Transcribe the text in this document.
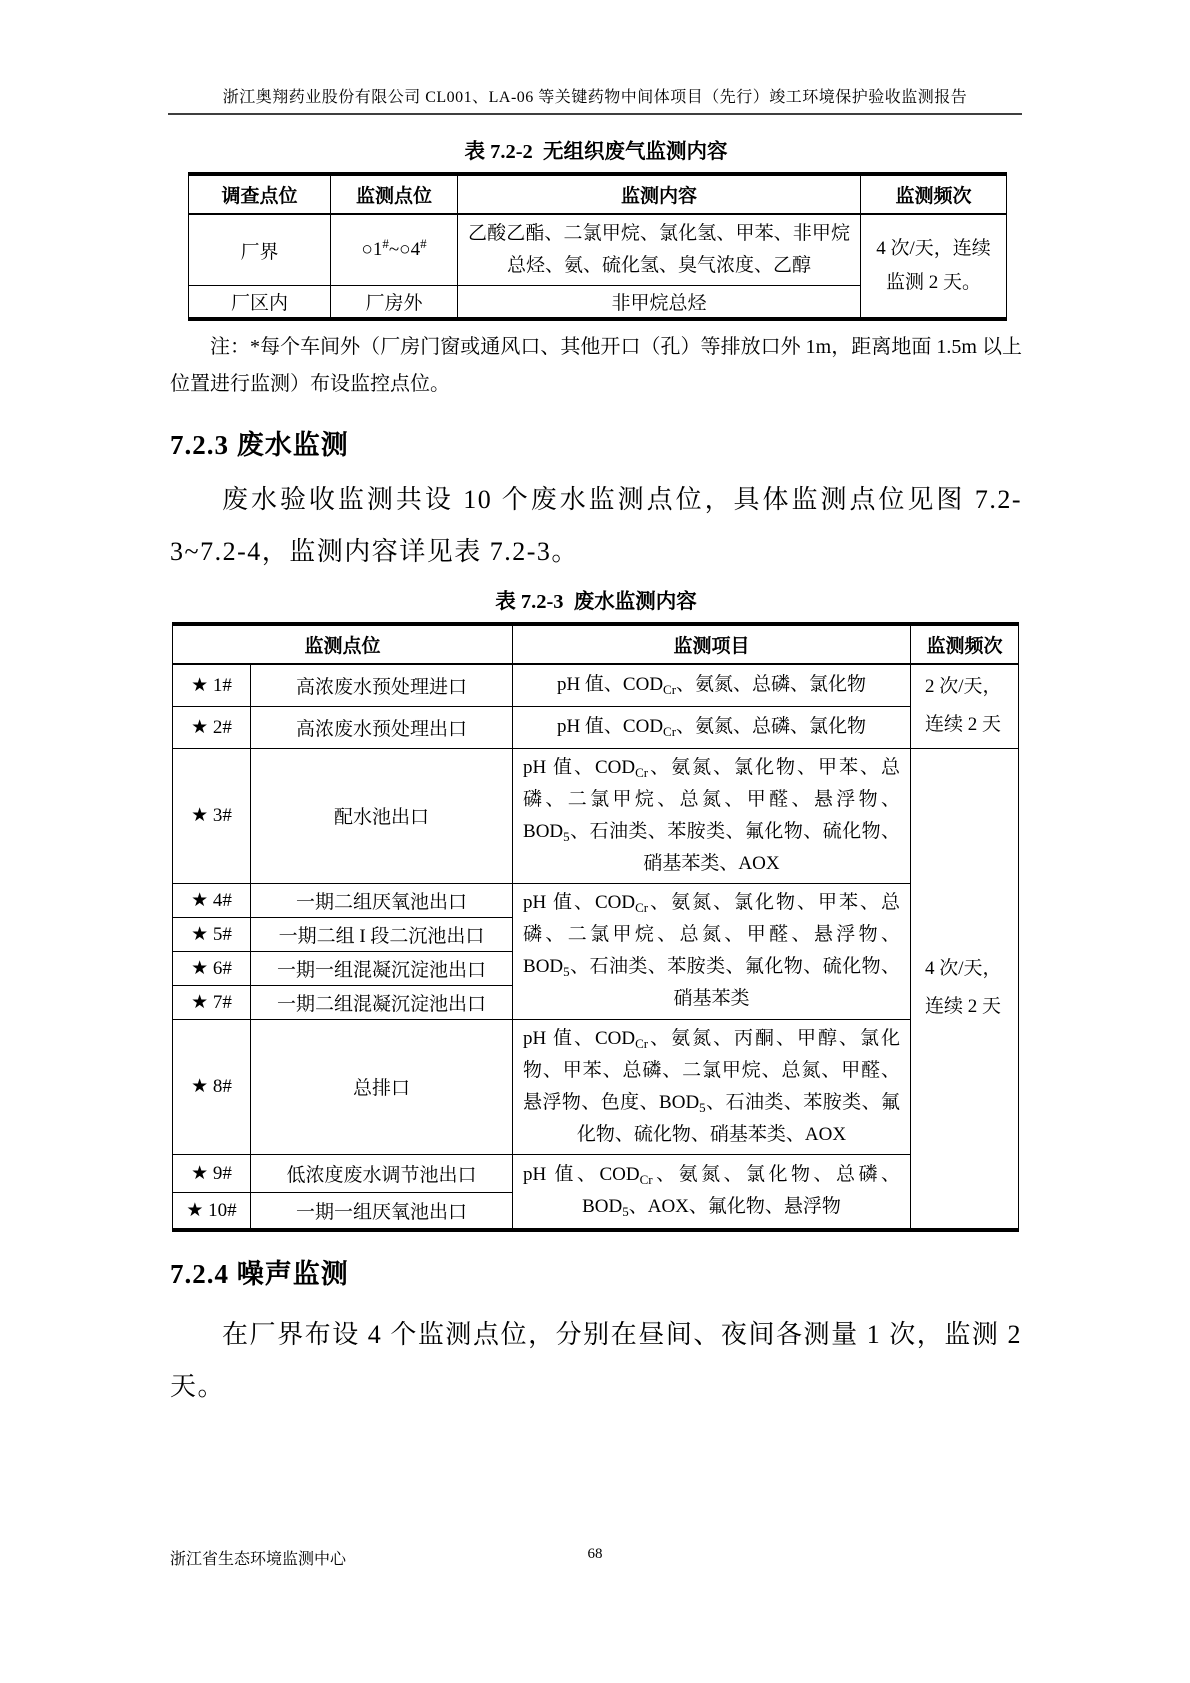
浙江奥翔药业股份有限公司 CL001、LA-06 等关键药物中间体项目（先行）竣工环境保护验收监测报告
表 7.2-2  无组织废气监测内容
调查点位	监测点位	监测内容	监测频次
厂界	○1#~○4#	乙酸乙酯、二氯甲烷、氯化氢、甲苯、非甲烷总烃、氨、硫化氢、臭气浓度、乙醇	4 次/天，连续监测 2 天。
厂区内	厂房外	非甲烷总烃	

注：*每个车间外（厂房门窗或通风口、其他开口（孔）等排放口外 1m，距离地面 1.5m 以上位置进行监测）布设监控点位。

7.2.3 废水监测

废水验收监测共设 10 个废水监测点位，具体监测点位见图 7.2-3~7.2-4，监测内容详见表 7.2-3。

表 7.2-3  废水监测内容
监测点位		监测项目	监测频次
★ 1#	高浓废水预处理进口	pH 值、$COD_{Cr}$、氨氮、总磷、氯化物	2 次/天，连续 2 天
★ 2#	高浓废水预处理出口	pH 值、$COD_{Cr}$、氨氮、总磷、氯化物	
★ 3#	配水池出口	pH 值、$COD_{Cr}$、氨氮、氯化物、甲苯、总磷、二氯甲烷、总氮、甲醛、悬浮物、$BOD_5$、石油类、苯胺类、氟化物、硫化物、硝基苯类、AOX	4 次/天，连续 2 天
★ 4#	一期二组厌氧池出口	pH 值、$COD_{Cr}$、氨氮、氯化物、甲苯、总磷、二氯甲烷、总氮、甲醛、悬浮物、$BOD_5$、石油类、苯胺类、氟化物、硫化物、硝基苯类	
★ 5#	一期二组 I 段二沉池出口		
★ 6#	一期一组混凝沉淀池出口		
★ 7#	一期二组混凝沉淀池出口		
★ 8#	总排口	pH 值、$COD_{Cr}$、氨氮、丙酮、甲醇、氯化物、甲苯、总磷、二氯甲烷、总氮、甲醛、悬浮物、色度、$BOD_5$、石油类、苯胺类、氟化物、硫化物、硝基苯类、AOX	
★ 9#	低浓度废水调节池出口	pH 值、$COD_{Cr}$、氨氮、氯化物、总磷、$BOD_5$、AOX、氟化物、悬浮物	
★ 10#	一期一组厌氧池出口		
7.2.4 噪声监测

在厂界布设 4 个监测点位，分别在昼间、夜间各测量 1 次，监测 2 天。

浙江省生态环境监测中心	68
